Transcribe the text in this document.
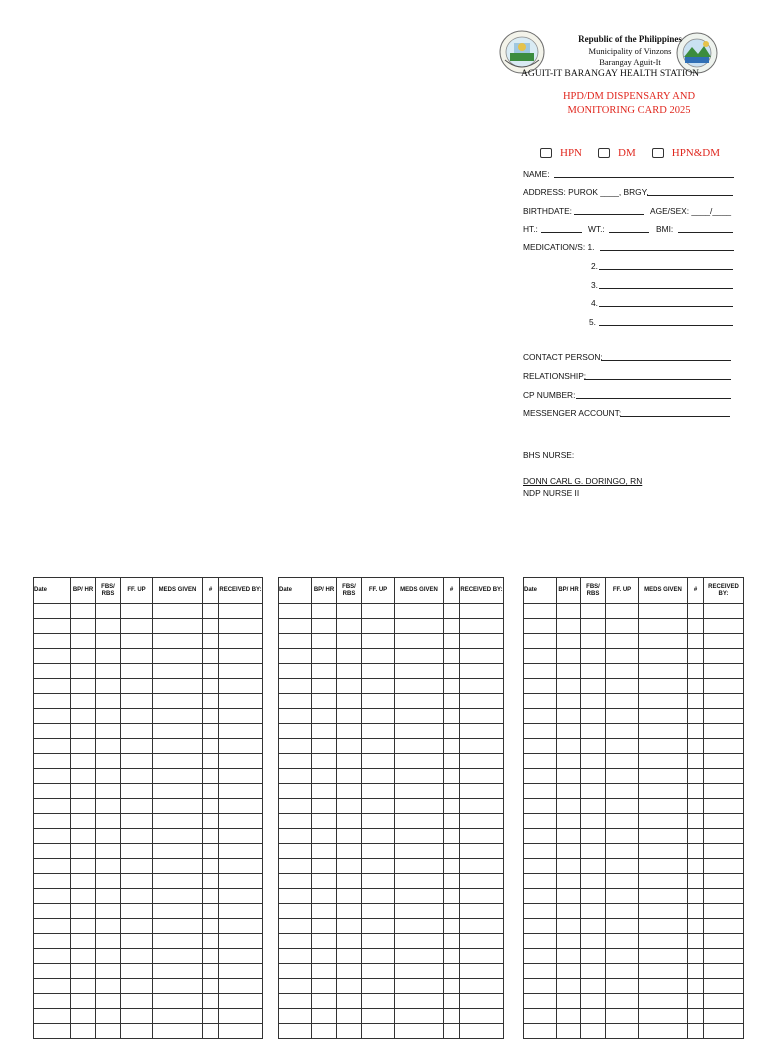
Republic of the Philippines
Municipality of Vinzons
Barangay Aguit-It
AGUIT-IT BARANGAY HEALTH STATION
HPD/DM DISPENSARY AND
MONITORING CARD 2025
HPN	DM	HPN&DM
NAME:
ADDRESS: PUROK ____, BRGY.
BIRTHDATE:	AGE/SEX: ____/____
HT.:	WT.:	BMI:
MEDICATION/S: 1.
2.
3.
4.
5.
CONTACT PERSON:
RELATIONSHIP:
CP NUMBER:
MESSENGER ACCOUNT:
BHS NURSE:
DONN CARL G. DORINGO, RN
NDP NURSE II
Date	BP/ HR	FBS/ RBS	FF. UP	MEDS GIVEN	#	RECEIVED BY:

							Date	BP/ HR	FBS/ RBS	FF. UP	MEDS GIVEN	#	RECEIVED BY:

							Date	BP/ HR	FBS/ RBS	FF. UP	MEDS GIVEN	#	RECEIVED BY:
